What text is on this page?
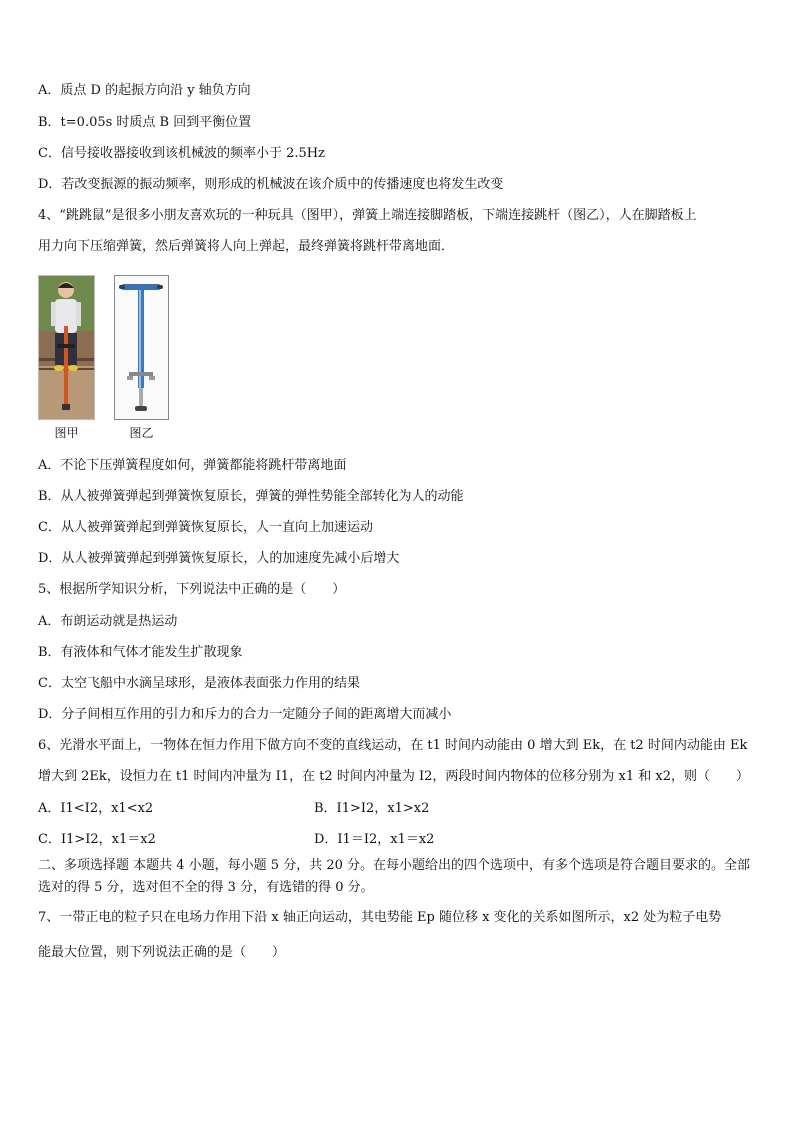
A．质点 D 的起振方向沿 y 轴负方向
B．t=0.05s 时质点 B 回到平衡位置
C．信号接收器接收到该机械波的频率小于 2.5Hz
D．若改变振源的振动频率，则形成的机械波在该介质中的传播速度也将发生改变
4、“跳跳鼠”是很多小朋友喜欢玩的一种玩具（图甲），弹簧上端连接脚踏板，下端连接跳杆（图乙），人在脚踏板上
用力向下压缩弹簧，然后弹簧将人向上弹起，最终弹簧将跳杆带离地面．
图甲	图乙
A．不论下压弹簧程度如何，弹簧都能将跳杆带离地面
B．从人被弹簧弹起到弹簧恢复原长，弹簧的弹性势能全部转化为人的动能
C．从人被弹簧弹起到弹簧恢复原长，人一直向上加速运动
D．从人被弹簧弹起到弹簧恢复原长，人的加速度先减小后增大
5、根据所学知识分析，下列说法中正确的是（　　）
A．布朗运动就是热运动
B．有液体和气体才能发生扩散现象
C．太空飞船中水滴呈球形，是液体表面张力作用的结果
D．分子间相互作用的引力和斥力的合力一定随分子间的距离增大而减小
6、光滑水平面上，一物体在恒力作用下做方向不变的直线运动，在 t1 时间内动能由 0 增大到 Ek，在 t2 时间内动能由 Ek
增大到 2Ek，设恒力在 t1 时间内冲量为 I1，在 t2 时间内冲量为 I2，两段时间内物体的位移分别为 x1 和 x2，则（　　）
A．I1<I2，x1<x2	B．I1>I2，x1>x2
C．I1>I2，x1＝x2	D．I1＝I2，x1＝x2
二、多项选择题 本题共 4 小题，每小题 5 分，共 20 分。在每小题给出的四个选项中，有多个选项是符合题目要求的。全部选对的得 5 分，选对但不全的得 3 分，有选错的得 0 分。
7、一带正电的粒子只在电场力作用下沿 x 轴正向运动，其电势能 Ep 随位移 x 变化的关系如图所示，x2 处为粒子电势
能最大位置，则下列说法正确的是（　　）
